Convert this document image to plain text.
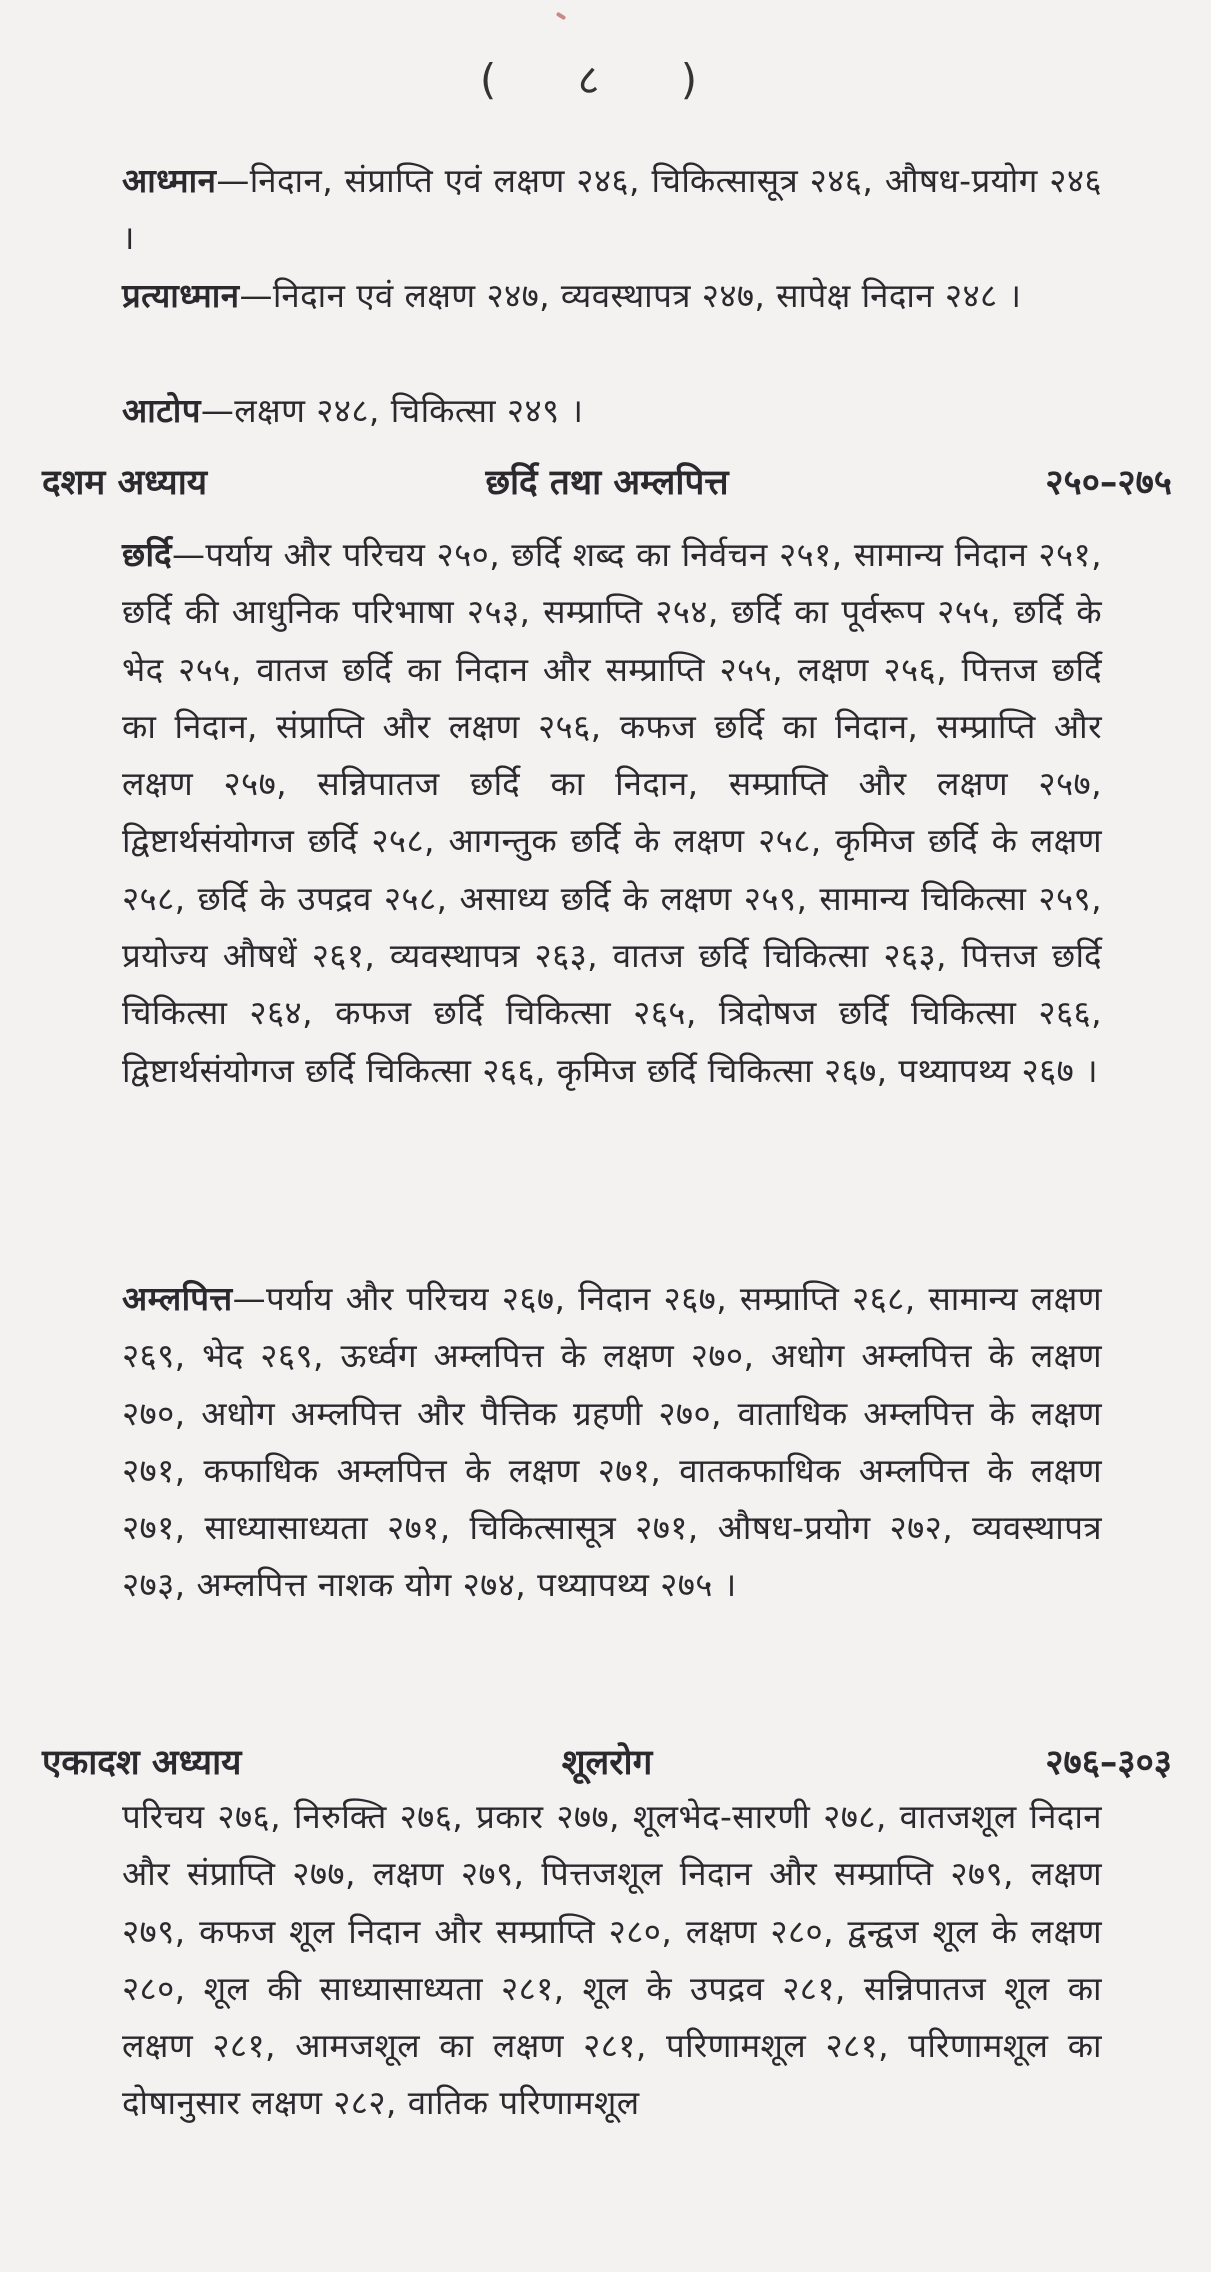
( ८ )

आध्मान—निदान, संप्राप्ति एवं लक्षण २४६, चिकित्सासूत्र २४६, औषध-प्रयोग २४६ ।

प्रत्याध्मान—निदान एवं लक्षण २४७, व्यवस्थापत्र २४७, सापेक्ष निदान २४८ ।

आटोप—लक्षण २४८, चिकित्सा २४९ ।

दशम अध्याय	छर्दि तथा अम्लपित्त	२५०–२७५

छर्दि—पर्याय और परिचय २५०, छर्दि शब्द का निर्वचन २५१, सामान्य निदान २५१, छर्दि की आधुनिक परिभाषा २५३, सम्प्राप्ति २५४, छर्दि का पूर्वरूप २५५, छर्दि के भेद २५५, वातज छर्दि का निदान और सम्प्राप्ति २५५, लक्षण २५६, पित्तज छर्दि का निदान, संप्राप्ति और लक्षण २५६, कफज छर्दि का निदान, सम्प्राप्ति और लक्षण २५७, सन्निपातज छर्दि का निदान, सम्प्राप्ति और लक्षण २५७, द्विष्टार्थसंयोगज छर्दि २५८, आगन्तुक छर्दि के लक्षण २५८, कृमिज छर्दि के लक्षण २५८, छर्दि के उपद्रव २५८, असाध्य छर्दि के लक्षण २५९, सामान्य चिकित्सा २५९, प्रयोज्य औषधें २६१, व्यवस्थापत्र २६३, वातज छर्दि चिकित्सा २६३, पित्तज छर्दि चिकित्सा २६४, कफज छर्दि चिकित्सा २६५, त्रिदोषज छर्दि चिकित्सा २६६, द्विष्टार्थसंयोगज छर्दि चिकित्सा २६६, कृमिज छर्दि चिकित्सा २६७, पथ्यापथ्य २६७ ।

अम्लपित्त—पर्याय और परिचय २६७, निदान २६७, सम्प्राप्ति २६८, सामान्य लक्षण २६९, भेद २६९, ऊर्ध्वग अम्लपित्त के लक्षण २७०, अधोग अम्लपित्त के लक्षण २७०, अधोग अम्लपित्त और पैत्तिक ग्रहणी २७०, वाताधिक अम्लपित्त के लक्षण २७१, कफाधिक अम्लपित्त के लक्षण २७१, वातकफाधिक अम्लपित्त के लक्षण २७१, साध्यासाध्यता २७१, चिकित्सासूत्र २७१, औषध-प्रयोग २७२, व्यवस्थापत्र २७३, अम्लपित्त नाशक योग २७४, पथ्यापथ्य २७५ ।

एकादश अध्याय	शूलरोग	२७६–३०३

परिचय २७६, निरुक्ति २७६, प्रकार २७७, शूलभेद-सारणी २७८, वातजशूल निदान और संप्राप्ति २७७, लक्षण २७९, पित्तजशूल निदान और सम्प्राप्ति २७९, लक्षण २७९, कफज शूल निदान और सम्प्राप्ति २८०, लक्षण २८०, द्वन्द्वज शूल के लक्षण २८०, शूल की साध्यासाध्यता २८१, शूल के उपद्रव २८१, सन्निपातज शूल का लक्षण २८१, आमजशूल का लक्षण २८१, परिणामशूल २८१, परिणामशूल का दोषानुसार लक्षण २८२, वातिक परिणामशूल
